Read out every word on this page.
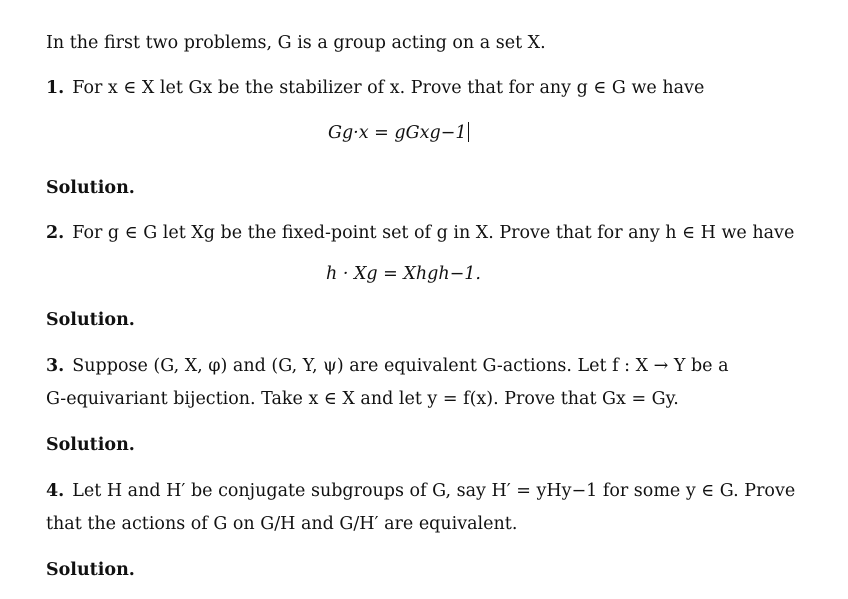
In the first two problems, G is a group acting on a set X.
1. For x ∈ X let Gx be the stabilizer of x. Prove that for any g ∈ G we have
Gg·x = gGxg−1
Solution.
2. For g ∈ G let Xg be the fixed-point set of g in X. Prove that for any h ∈ H we have
h · Xg = Xhgh−1.
Solution.
3. Suppose (G, X, φ) and (G, Y, ψ) are equivalent G-actions. Let f : X → Y be a
G-equivariant bijection. Take x ∈ X and let y = f(x). Prove that Gx = Gy.
Solution.
4. Let H and H′ be conjugate subgroups of G, say H′ = yHy−1 for some y ∈ G. Prove
that the actions of G on G/H and G/H′ are equivalent.
Solution.
